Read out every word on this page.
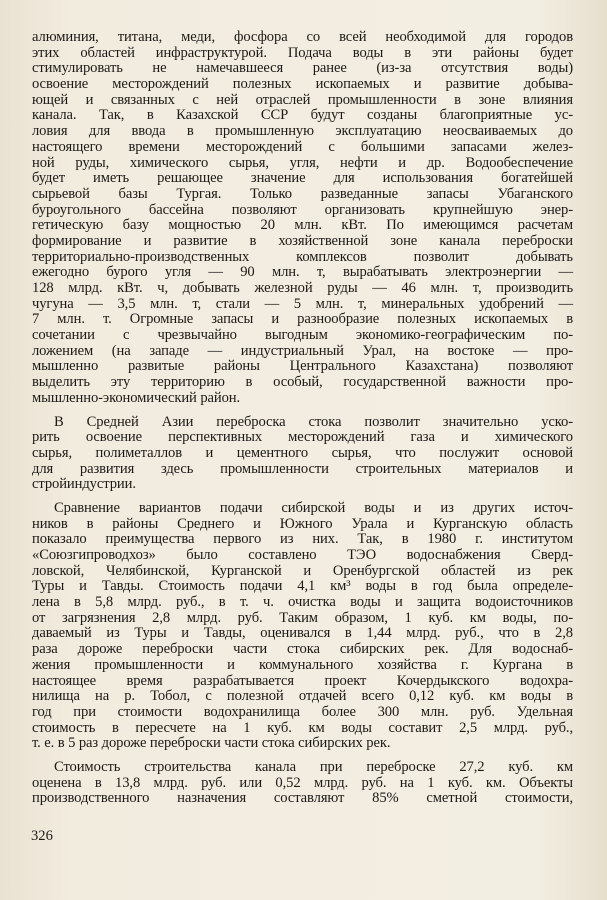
алюминия, титана, меди, фосфора со всей необходимой для городов
этих областей инфраструктурой. Подача воды в эти районы будет
стимулировать не намечавшееся ранее (из-за отсутствия воды)
освоение месторождений полезных ископаемых и развитие добыва-
ющей и связанных с ней отраслей промышленности в зоне влияния
канала. Так, в Казахской ССР будут созданы благоприятные ус-
ловия для ввода в промышленную эксплуатацию неосваиваемых до
настоящего времени месторождений с большими запасами желез-
ной руды, химического сырья, угля, нефти и др. Водообеспечение
будет иметь решающее значение для использования богатейшей
сырьевой базы Тургая. Только разведанные запасы Убаганского
буроугольного бассейна позволяют организовать крупнейшую энер-
гетическую базу мощностью 20 млн. кВт. По имеющимся расчетам
формирование и развитие в хозяйственной зоне канала переброски
территориально-производственных комплексов позволит добывать
ежегодно бурого угля — 90 млн. т, вырабатывать электроэнергии —
128 млрд. кВт. ч, добывать железной руды — 46 млн. т, производить
чугуна — 3,5 млн. т, стали — 5 млн. т, минеральных удобрений —
7 млн. т. Огромные запасы и разнообразие полезных ископаемых в
сочетании с чрезвычайно выгодным экономико-географическим по-
ложением (на западе — индустриальный Урал, на востоке — про-
мышленно развитые районы Центрального Казахстана) позволяют
выделить эту территорию в особый, государственной важности про-
мышленно-экономический район.
В Средней Азии переброска стока позволит значительно уско-
рить освоение перспективных месторождений газа и химического
сырья, полиметаллов и цементного сырья, что послужит основой
для развития здесь промышленности строительных материалов и
стройиндустрии.
Сравнение вариантов подачи сибирской воды и из других источ-
ников в районы Среднего и Южного Урала и Курганскую область
показало преимущества первого из них. Так, в 1980 г. институтом
«Союзгипроводхоз» было составлено ТЭО водоснабжения Сверд-
ловской, Челябинской, Курганской и Оренбургской областей из рек
Туры и Тавды. Стоимость подачи 4,1 км³ воды в год была определе-
лена в 5,8 млрд. руб., в т. ч. очистка воды и защита водоисточников
от загрязнения 2,8 млрд. руб. Таким образом, 1 куб. км воды, по-
даваемый из Туры и Тавды, оценивался в 1,44 млрд. руб., что в 2,8
раза дороже переброски части стока сибирских рек. Для водоснаб-
жения промышленности и коммунального хозяйства г. Кургана в
настоящее время разрабатывается проект Кочердыкского водохра-
нилища на р. Тобол, с полезной отдачей всего 0,12 куб. км воды в
год при стоимости водохранилища более 300 млн. руб. Удельная
стоимость в пересчете на 1 куб. км воды составит 2,5 млрд. руб.,
т. е. в 5 раз дороже переброски части стока сибирских рек.
Стоимость строительства канала при переброске 27,2 куб. км
оценена в 13,8 млрд. руб. или 0,52 млрд. руб. на 1 куб. км. Объекты
производственного назначения составляют 85% сметной стоимости,
326
